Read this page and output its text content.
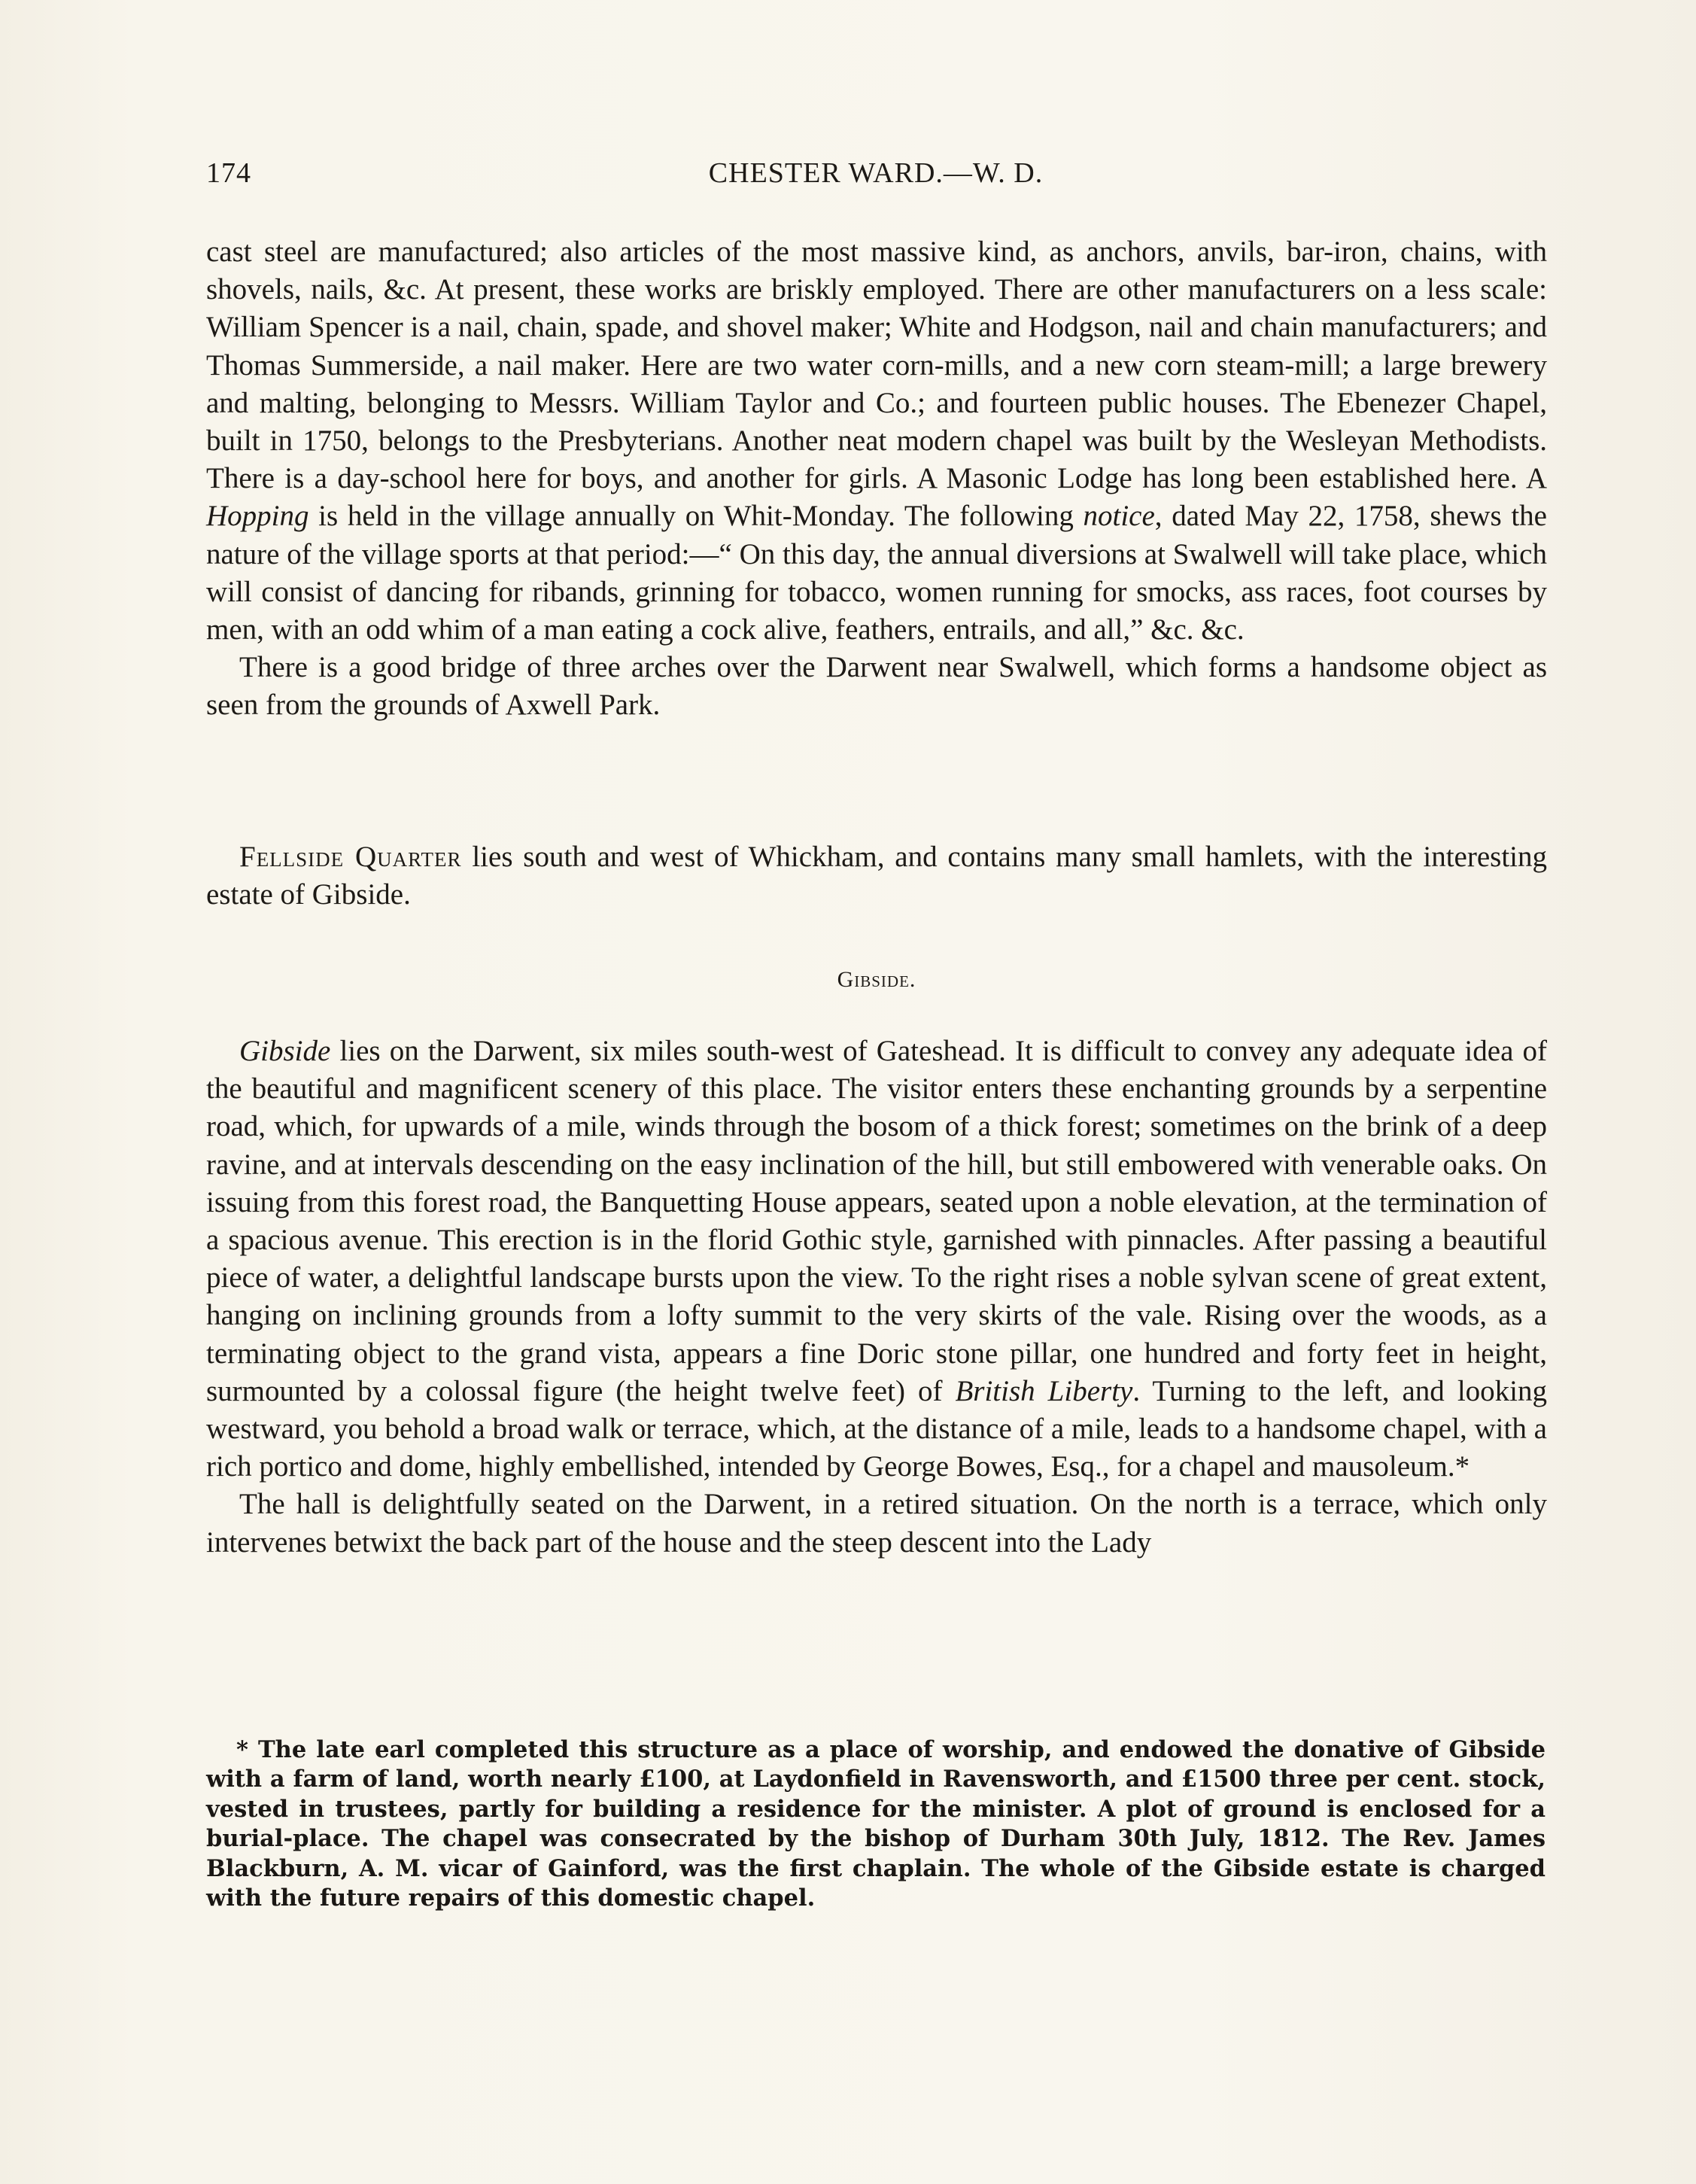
174	CHESTER WARD.—W. D.

cast steel are manufactured; also articles of the most massive kind, as anchors, anvils, bar-iron, chains, with shovels, nails, &c. At present, these works are briskly employed. There are other manufacturers on a less scale: William Spencer is a nail, chain, spade, and shovel maker; White and Hodgson, nail and chain manufacturers; and Thomas Summerside, a nail maker. Here are two water corn-mills, and a new corn steam-mill; a large brewery and malting, belonging to Messrs. William Taylor and Co.; and fourteen public houses. The Ebenezer Chapel, built in 1750, belongs to the Presbyterians. Another neat modern chapel was built by the Wesleyan Methodists. There is a day-school here for boys, and another for girls. A Masonic Lodge has long been established here. A Hopping is held in the village annually on Whit-Monday. The following notice, dated May 22, 1758, shews the nature of the village sports at that period:—“ On this day, the annual diversions at Swalwell will take place, which will consist of dancing for ribands, grinning for tobacco, women running for smocks, ass races, foot courses by men, with an odd whim of a man eating a cock alive, feathers, entrails, and all,” &c. &c.

There is a good bridge of three arches over the Darwent near Swalwell, which forms a handsome object as seen from the grounds of Axwell Park.

Fellside Quarter lies south and west of Whickham, and contains many small hamlets, with the interesting estate of Gibside.

Gibside.

Gibside lies on the Darwent, six miles south-west of Gateshead. It is difficult to convey any adequate idea of the beautiful and magnificent scenery of this place. The visitor enters these enchanting grounds by a serpentine road, which, for upwards of a mile, winds through the bosom of a thick forest; sometimes on the brink of a deep ravine, and at intervals descending on the easy inclination of the hill, but still embowered with venerable oaks. On issuing from this forest road, the Banquetting House appears, seated upon a noble elevation, at the termination of a spacious avenue. This erection is in the florid Gothic style, garnished with pinnacles. After passing a beautiful piece of water, a delightful landscape bursts upon the view. To the right rises a noble sylvan scene of great extent, hanging on inclining grounds from a lofty summit to the very skirts of the vale. Rising over the woods, as a terminating object to the grand vista, appears a fine Doric stone pillar, one hundred and forty feet in height, surmounted by a colossal figure (the height twelve feet) of British Liberty. Turning to the left, and looking westward, you behold a broad walk or terrace, which, at the distance of a mile, leads to a handsome chapel, with a rich portico and dome, highly embellished, intended by George Bowes, Esq., for a chapel and mausoleum.*

The hall is delightfully seated on the Darwent, in a retired situation. On the north is a terrace, which only intervenes betwixt the back part of the house and the steep descent into the Lady

* The late earl completed this structure as a place of worship, and endowed the donative of Gibside with a farm of land, worth nearly £100, at Laydonfield in Ravensworth, and £1500 three per cent. stock, vested in trustees, partly for building a residence for the minister. A plot of ground is enclosed for a burial-place. The chapel was consecrated by the bishop of Durham 30th July, 1812. The Rev. James Blackburn, A. M. vicar of Gainford, was the first chaplain. The whole of the Gibside estate is charged with the future repairs of this domestic chapel.
